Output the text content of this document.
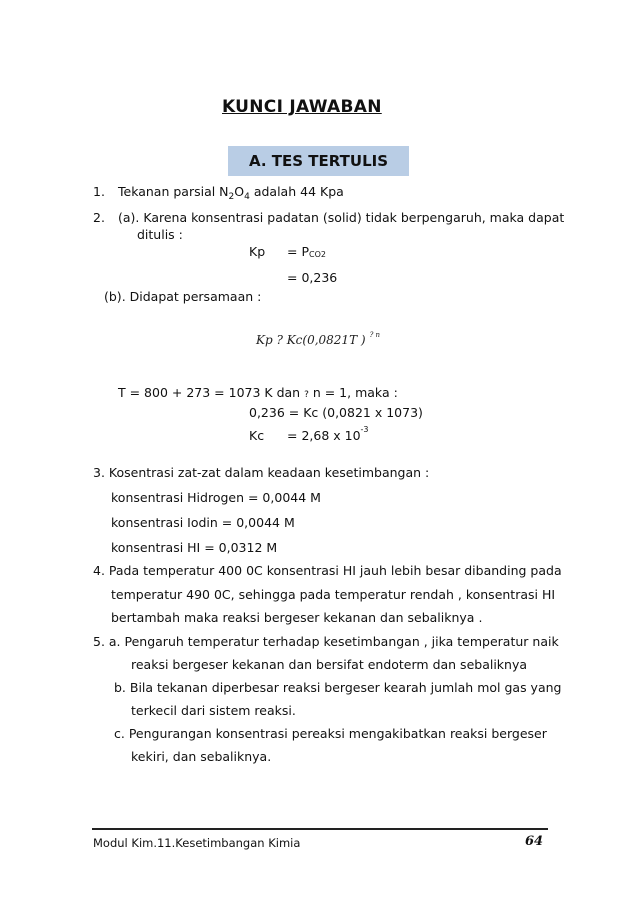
KUNCI JAWABAN
A. TES TERTULIS
1. Tekanan parsial $N_2O_4$ adalah 44 Kpa
2. (a). Karena konsentrasi padatan (solid) tidak berpengaruh, maka dapat
ditulis :
Kp = PCO2
= 0,236
(b). Didapat persamaan :
Kp ? Kc(0,0821T ) $^{? n}$
T = 800 + 273 = 1073 K dan ? n = 1, maka :
0,236 = Kc (0,0821 x 1073)
Kc = 2,68 x $10^{-3}$
3. Kosentrasi zat-zat dalam keadaan kesetimbangan :
konsentrasi Hidrogen = 0,0044 M
konsentrasi Iodin = 0,0044 M
konsentrasi HI = 0,0312 M
4. Pada temperatur 400 0C konsentrasi HI jauh lebih besar dibanding pada
temperatur 490 0C, sehingga pada temperatur rendah , konsentrasi HI
bertambah maka reaksi bergeser kekanan dan sebaliknya .
5. a. Pengaruh temperatur terhadap kesetimbangan , jika temperatur naik
reaksi bergeser kekanan dan bersifat endoterm dan sebaliknya
b. Bila tekanan diperbesar reaksi bergeser kearah jumlah mol gas yang
terkecil dari sistem reaksi.
c. Pengurangan konsentrasi pereaksi mengakibatkan reaksi bergeser
kekiri, dan sebaliknya.
Modul Kim.11.Kesetimbangan Kimia	64
